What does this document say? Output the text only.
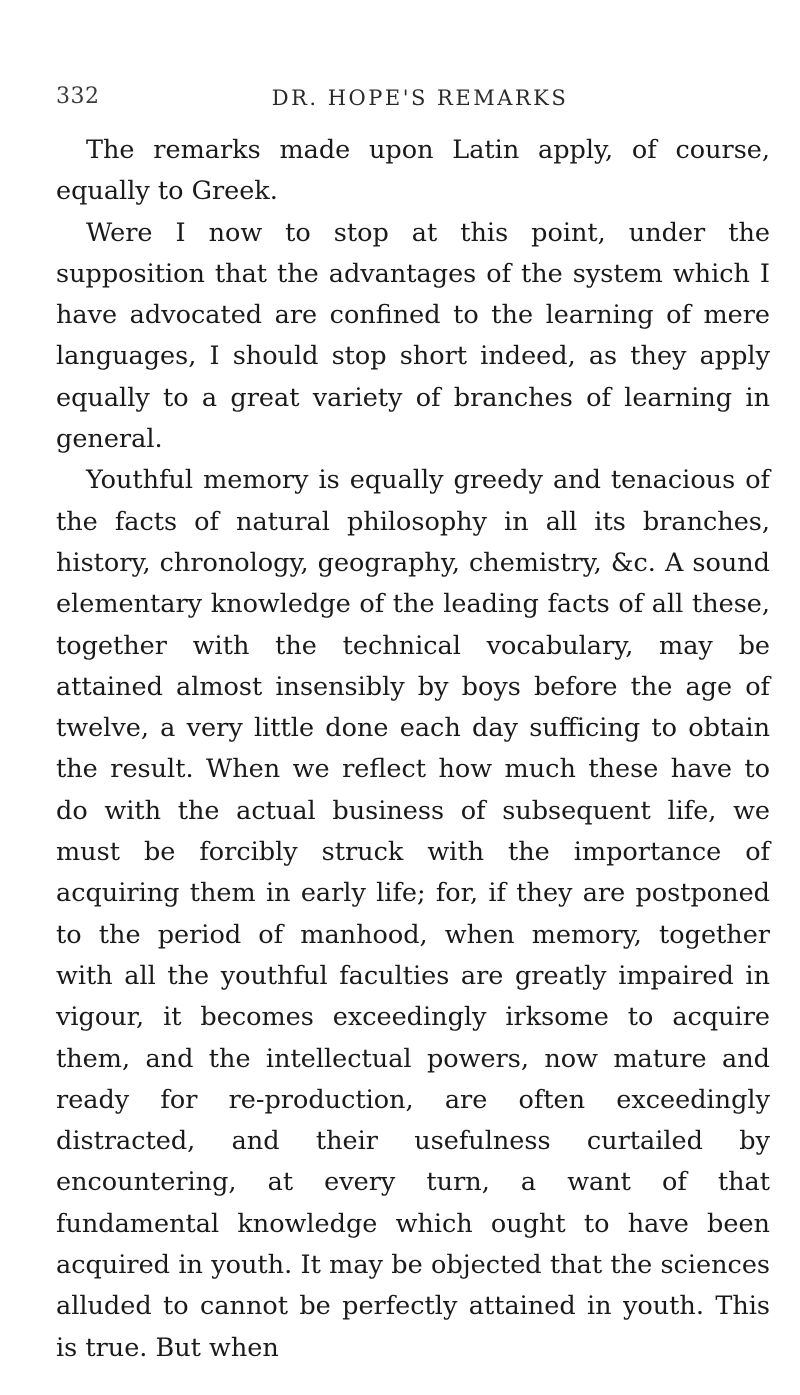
332	DR. HOPE'S REMARKS

The remarks made upon Latin apply, of course, equally to Greek.

Were I now to stop at this point, under the supposition that the advantages of the system which I have advocated are confined to the learning of mere languages, I should stop short indeed, as they apply equally to a great variety of branches of learning in general.

Youthful memory is equally greedy and tenacious of the facts of natural philosophy in all its branches, history, chronology, geography, chemistry, &c. A sound elementary knowledge of the leading facts of all these, together with the technical vocabulary, may be attained almost insensibly by boys before the age of twelve, a very little done each day sufficing to obtain the result. When we reflect how much these have to do with the actual business of subsequent life, we must be forcibly struck with the importance of acquiring them in early life; for, if they are postponed to the period of manhood, when memory, together with all the youthful faculties are greatly impaired in vigour, it becomes exceedingly irksome to acquire them, and the intellectual powers, now mature and ready for re-production, are often exceedingly distracted, and their usefulness curtailed by encountering, at every turn, a want of that fundamental knowledge which ought to have been acquired in youth. It may be objected that the sciences alluded to cannot be perfectly attained in youth. This is true. But when
